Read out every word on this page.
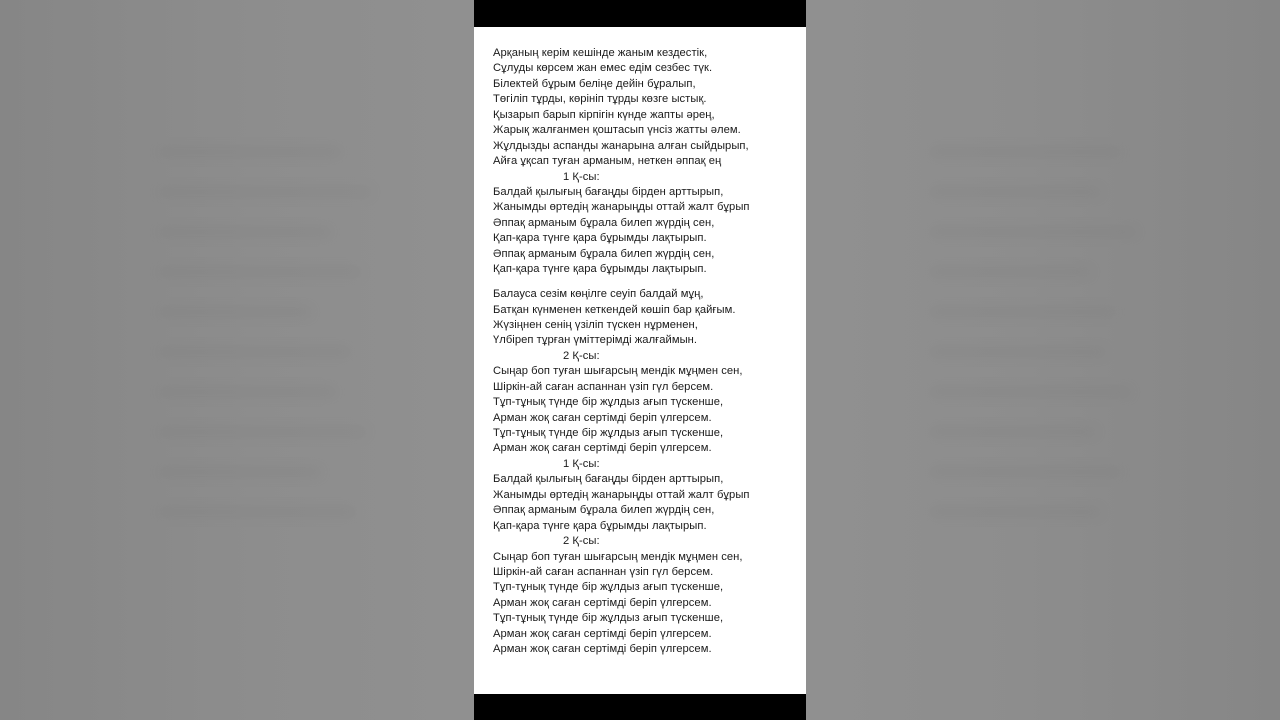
Арқаның керім кешінде жаным кездестік,
Сұлуды көрсем жан емес едім сезбес түк.
Білектей бұрым беліңе дейін бұралып,
Төгіліп тұрды, көрініп тұрды көзге ыстық.
Қызарып барып кірпігін күнде жапты әрең,
Жарық жалғанмен қоштасып үнсіз жатты әлем.
Жұлдызды аспанды жанарына алған сыйдырып,
Айға ұқсап туған арманым, неткен әппақ ең
1 Қ-сы:
Балдай қылығың бағаңды бірден арттырып,
Жанымды өртедің жанарыңды оттай жалт бұрып
Әппақ арманым бұрала билеп жүрдің сен,
Қап-қара түнге қара бұрымды лақтырып.
Әппақ арманым бұрала билеп жүрдің сен,
Қап-қара түнге қара бұрымды лақтырып.
Балауса сезім көңілге сеуіп балдай мұң,
Батқан күнменен кеткендей көшіп бар қайғым.
Жүзіңнен сенің үзіліп түскен нұрменен,
Үлбіреп тұрған үміттерімді жалғаймын.
2 Қ-сы:
Сыңар боп туған шығарсың мендік мұңмен сен,
Шіркін-ай саған аспаннан үзіп гүл берсем.
Тұп-тұнық түнде бір жұлдыз ағып түскенше,
Арман жоқ саған сертімді беріп үлгерсем.
Тұп-тұнық түнде бір жұлдыз ағып түскенше,
Арман жоқ саған сертімді беріп үлгерсем.
1 Қ-сы:
Балдай қылығың бағаңды бірден арттырып,
Жанымды өртедің жанарыңды оттай жалт бұрып
Әппақ арманым бұрала билеп жүрдің сен,
Қап-қара түнге қара бұрымды лақтырып.
2 Қ-сы:
Сыңар боп туған шығарсың мендік мұңмен сен,
Шіркін-ай саған аспаннан үзіп гүл берсем.
Тұп-тұнық түнде бір жұлдыз ағып түскенше,
Арман жоқ саған сертімді беріп үлгерсем.
Тұп-тұнық түнде бір жұлдыз ағып түскенше,
Арман жоқ саған сертімді беріп үлгерсем.
Арман жоқ саған сертімді беріп үлгерсем.
